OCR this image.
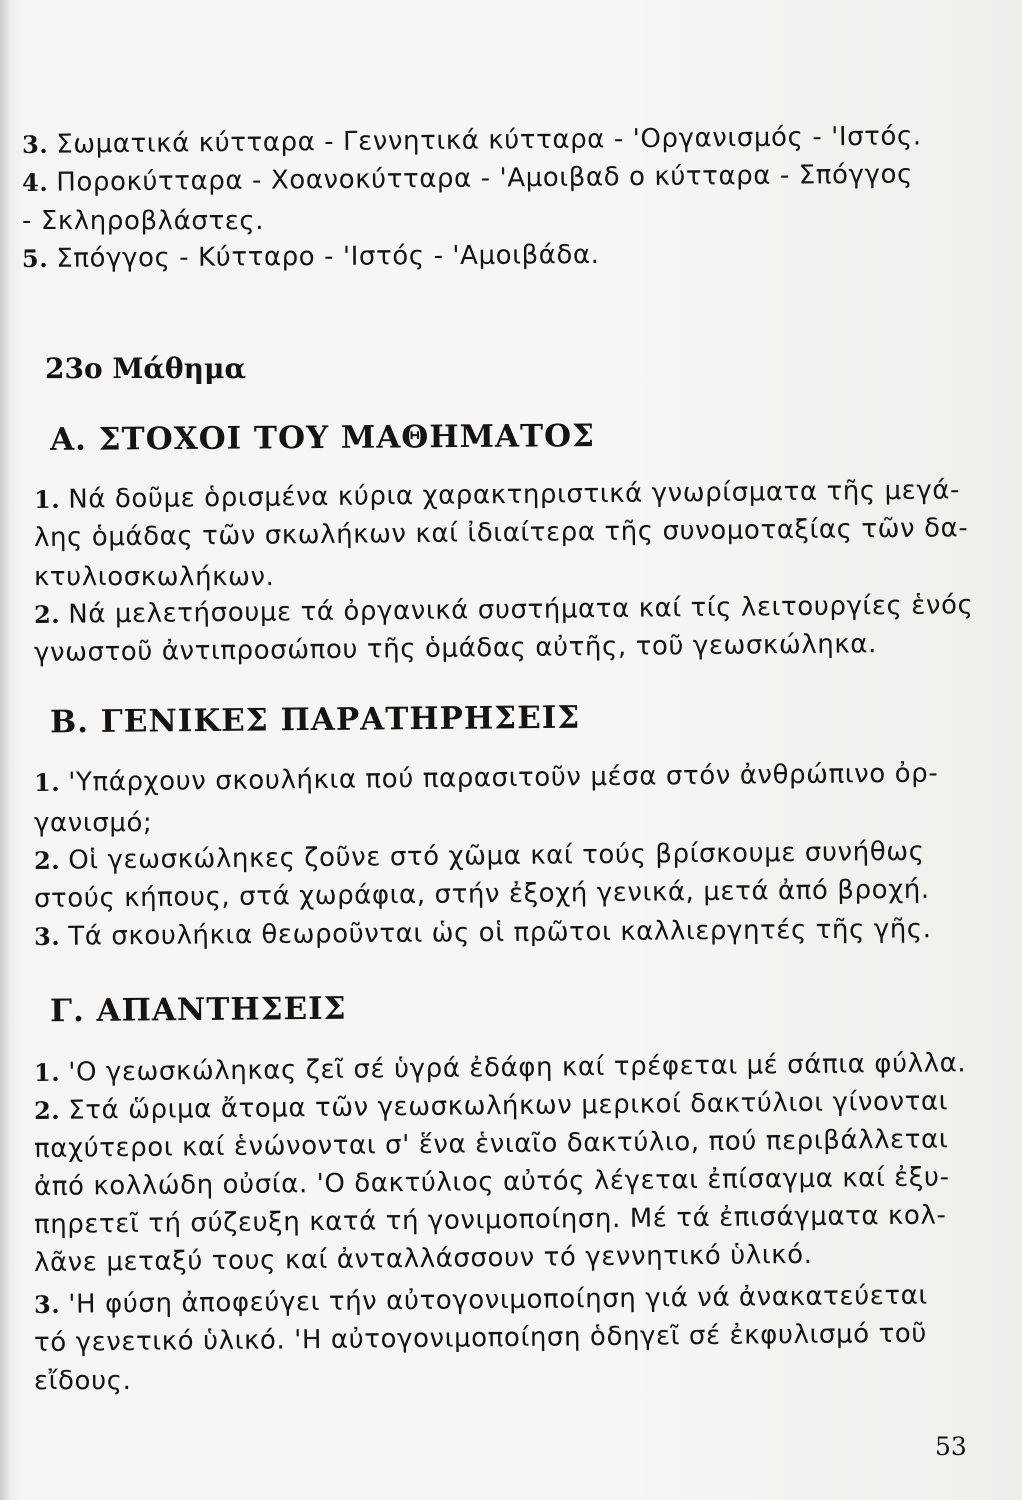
3. Σωματικά κύτταρα - Γεννητικά κύτταρα - 'Οργανισμός - 'Ιστός.
4. Ποροκύτταρα - Χοανοκύτταρα - 'Αμοιβαδ ο κύτταρα - Σπόγγος
- Σκληροβλάστες.
5. Σπόγγος - Κύτταρο - 'Ιστός - 'Αμοιβάδα.
23ο Μάθημα
Α. ΣΤΟΧΟΙ ΤΟΥ ΜΑΘΗΜΑΤΟΣ
1. Νά δοῦμε ὁρισμένα κύρια χαρακτηριστικά γνωρίσματα τῆς μεγά-
λης ὁμάδας τῶν σκωλήκων καί ἰδιαίτερα τῆς συνομοταξίας τῶν δα-
κτυλιοσκωλήκων.
2. Νά μελετήσουμε τά ὀργανικά συστήματα καί τίς λειτουργίες ἑνός
γνωστοῦ ἀντιπροσώπου τῆς ὁμάδας αὐτῆς, τοῦ γεωσκώληκα.
Β. ΓΕΝΙΚΕΣ ΠΑΡΑΤΗΡΗΣΕΙΣ
1. 'Υπάρχουν σκουλήκια πού παρασιτοῦν μέσα στόν ἀνθρώπινο ὀρ-
γανισμό;
2. Οἱ γεωσκώληκες ζοῦνε στό χῶμα καί τούς βρίσκουμε συνήθως
στούς κήπους, στά χωράφια, στήν ἐξοχή γενικά, μετά ἀπό βροχή.
3. Τά σκουλήκια θεωροῦνται ὡς οἱ πρῶτοι καλλιεργητές τῆς γῆς.
Γ. ΑΠΑΝΤΗΣΕΙΣ
1. 'Ο γεωσκώληκας ζεῖ σέ ὑγρά ἐδάφη καί τρέφεται μέ σάπια φύλλα.
2. Στά ὥριμα ἄτομα τῶν γεωσκωλήκων μερικοί δακτύλιοι γίνονται
παχύτεροι καί ἑνώνονται σ' ἕνα ἑνιαῖο δακτύλιο, πού περιβάλλεται
ἀπό κολλώδη οὐσία. 'Ο δακτύλιος αὐτός λέγεται ἐπίσαγμα καί ἐξυ-
πηρετεῖ τή σύζευξη κατά τή γονιμοποίηση. Μέ τά ἐπισάγματα κολ-
λᾶνε μεταξύ τους καί ἀνταλλάσσουν τό γεννητικό ὑλικό.
3. 'Η φύση ἀποφεύγει τήν αὐτογονιμοποίηση γιά νά ἀνακατεύεται
τό γενετικό ὑλικό. 'Η αὐτογονιμοποίηση ὁδηγεῖ σέ ἐκφυλισμό τοῦ
εἴδους.
53
